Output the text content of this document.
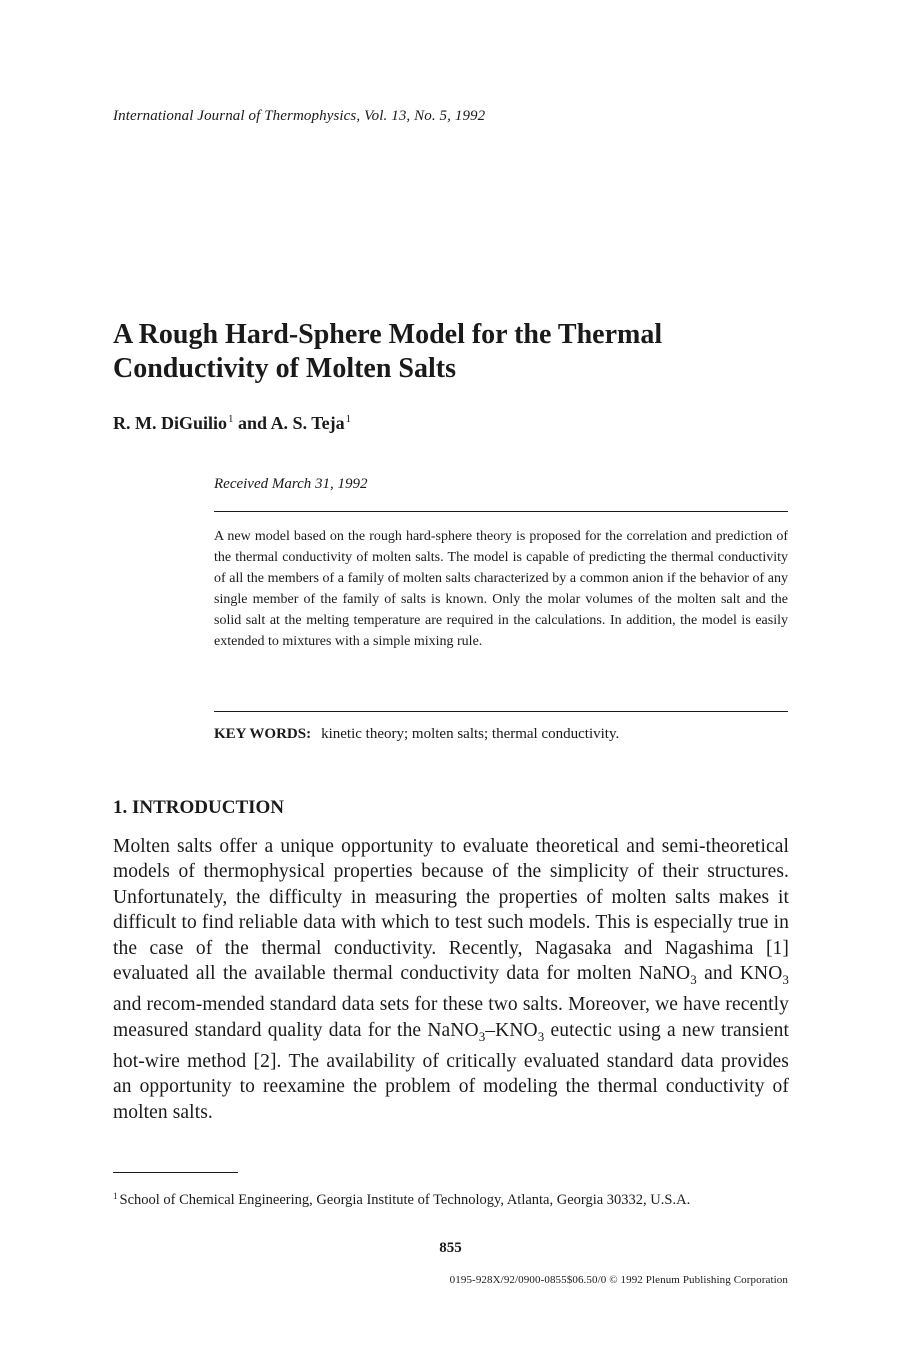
International Journal of Thermophysics, Vol. 13, No. 5, 1992
A Rough Hard-Sphere Model for the Thermal
Conductivity of Molten Salts
R. M. DiGuilio$^1$ and A. S. Teja$^1$
Received March 31, 1992
A new model based on the rough hard-sphere theory is proposed for the correlation and prediction of the thermal conductivity of molten salts. The model is capable of predicting the thermal conductivity of all the members of a family of molten salts characterized by a common anion if the behavior of any single member of the family of salts is known. Only the molar volumes of the molten salt and the solid salt at the melting temperature are required in the calculations. In addition, the model is easily extended to mixtures with a simple mixing rule.
KEY WORDS: kinetic theory; molten salts; thermal conductivity.
1. INTRODUCTION
Molten salts offer a unique opportunity to evaluate theoretical and semi-theoretical models of thermophysical properties because of the simplicity of their structures. Unfortunately, the difficulty in measuring the properties of molten salts makes it difficult to find reliable data with which to test such models. This is especially true in the case of the thermal conductivity. Recently, Nagasaka and Nagashima [1] evaluated all the available thermal conductivity data for molten NaNO$_3$ and $KNO_3$ and recom-mended standard data sets for these two salts. Moreover, we have recently measured standard quality data for the $NaNO_3-KNO_3$ eutectic using a new transient hot-wire method [2]. The availability of critically evaluated standard data provides an opportunity to reexamine the problem of modeling the thermal conductivity of molten salts.
$^1$ School of Chemical Engineering, Georgia Institute of Technology, Atlanta, Georgia 30332, U.S.A.
855
0195-928X/92/0900-0855$06.50/0 © 1992 Plenum Publishing Corporation
